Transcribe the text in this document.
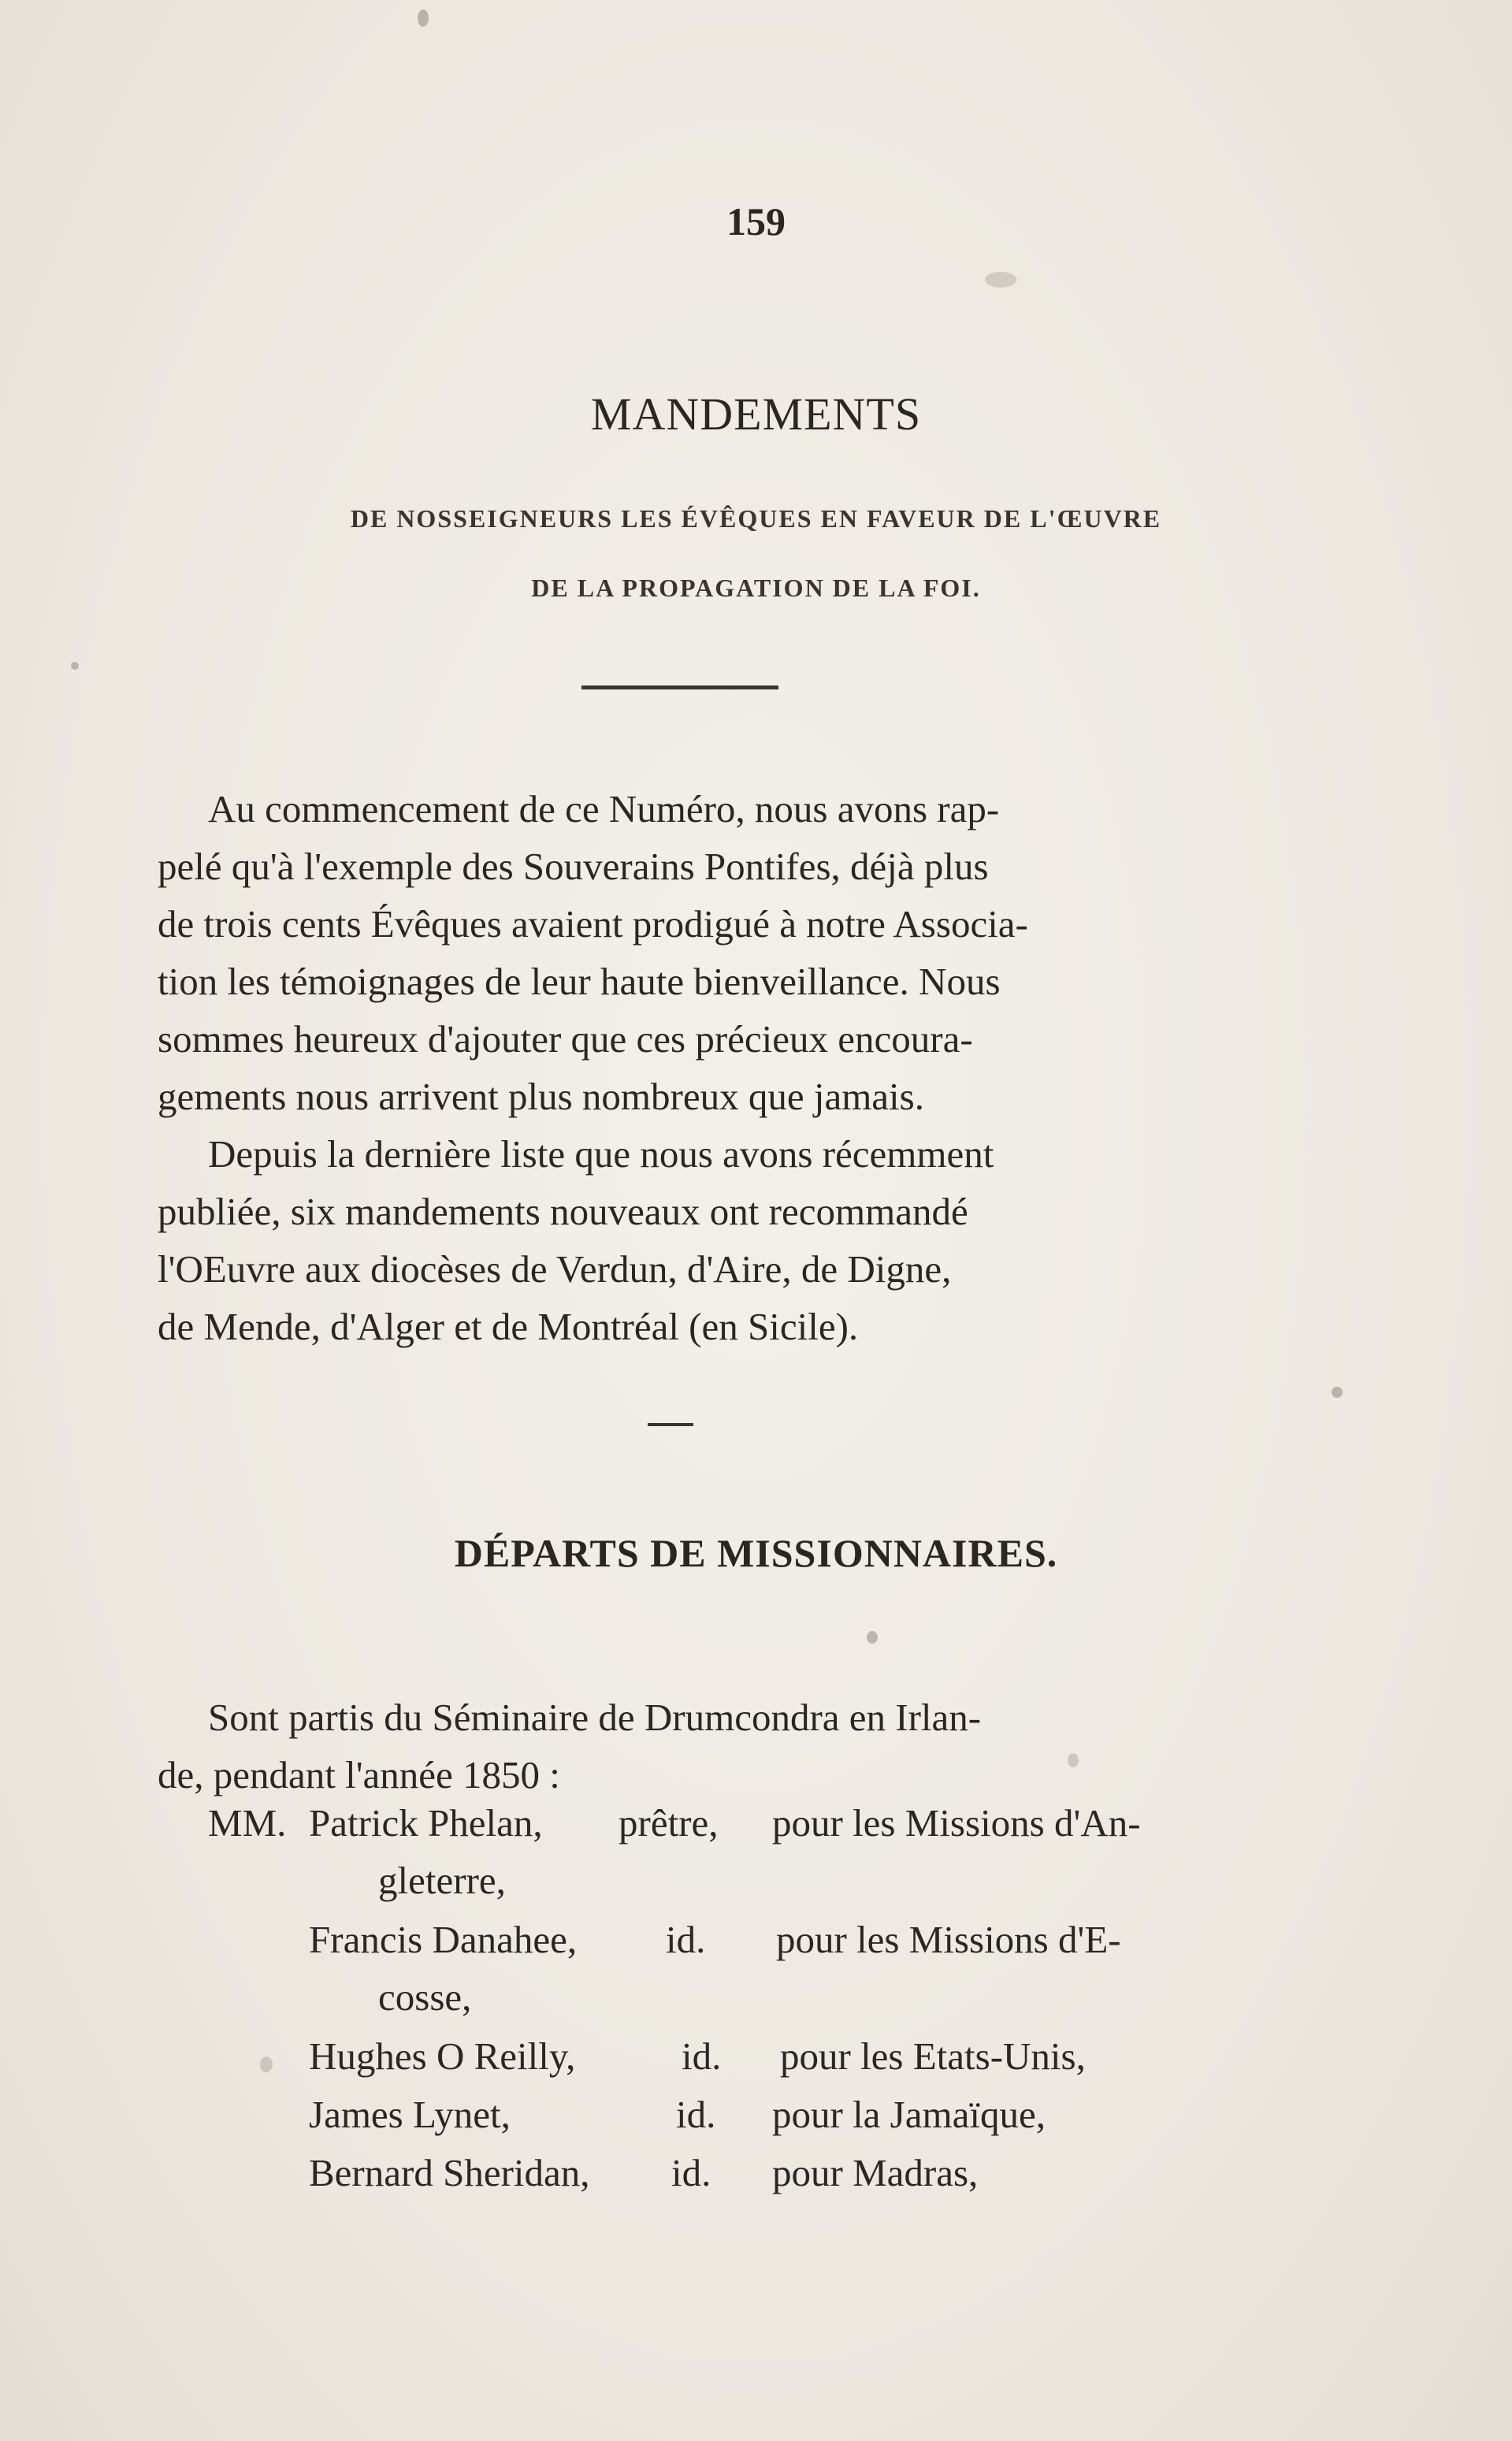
159
MANDEMENTS
DE NOSSEIGNEURS LES ÉVÊQUES EN FAVEUR DE L'ŒUVRE
DE LA PROPAGATION DE LA FOI.
Au commencement de ce Numéro, nous avons rap-
pelé qu'à l'exemple des Souverains Pontifes, déjà plus
de trois cents Évêques avaient prodigué à notre Associa-
tion les témoignages de leur haute bienveillance. Nous
sommes heureux d'ajouter que ces précieux encoura-
gements nous arrivent plus nombreux que jamais.
Depuis la dernière liste que nous avons récemment
publiée, six mandements nouveaux ont recommandé
l'OEuvre aux diocèses de Verdun, d'Aire, de Digne,
de Mende, d'Alger et de Montréal (en Sicile).
DÉPARTS DE MISSIONNAIRES.
Sont partis du Séminaire de Drumcondra en Irlan-
de, pendant l'année 1850 :
MM. Patrick Phelan, prêtre, pour les Missions d'An-
gleterre,
Francis Danahee, id. pour les Missions d'E-
cosse,
Hughes O Reilly,	id. pour les Etats-Unis,
James Lynet,	id. pour la Jamaïque,
Bernard Sheridan, id. pour Madras,
